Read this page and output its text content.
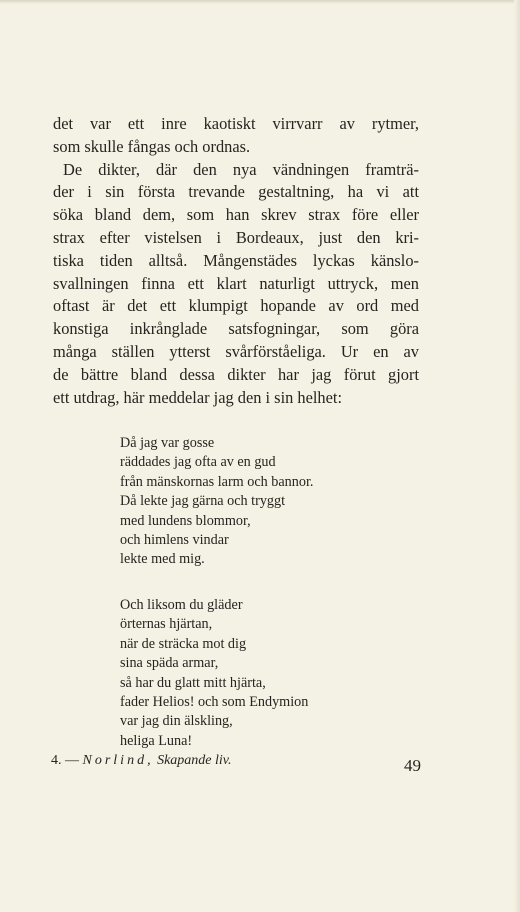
det var ett inre kaotiskt virrvarr av rytmer,
som skulle fångas och ordnas.
De dikter, där den nya vändningen framträ-
der i sin första trevande gestaltning, ha vi att
söka bland dem, som han skrev strax före eller
strax efter vistelsen i Bordeaux, just den kri-
tiska tiden alltså. Mångenstädes lyckas känslo-
svallningen finna ett klart naturligt uttryck, men
oftast är det ett klumpigt hopande av ord med
konstiga inkrånglade satsfogningar, som göra
många ställen ytterst svårförståeliga. Ur en av
de bättre bland dessa dikter har jag förut gjort
ett utdrag, här meddelar jag den i sin helhet:
Då jag var gosse
räddades jag ofta av en gud
från mänskornas larm och bannor.
Då lekte jag gärna och tryggt
med lundens blommor,
och himlens vindar
lekte med mig.
Och liksom du gläder
örternas hjärtan,
när de sträcka mot dig
sina späda armar,
så har du glatt mitt hjärta,
fader Helios! och som Endymion
var jag din älskling,
heliga Luna!
4. — Norlind, Skapande liv.	49
